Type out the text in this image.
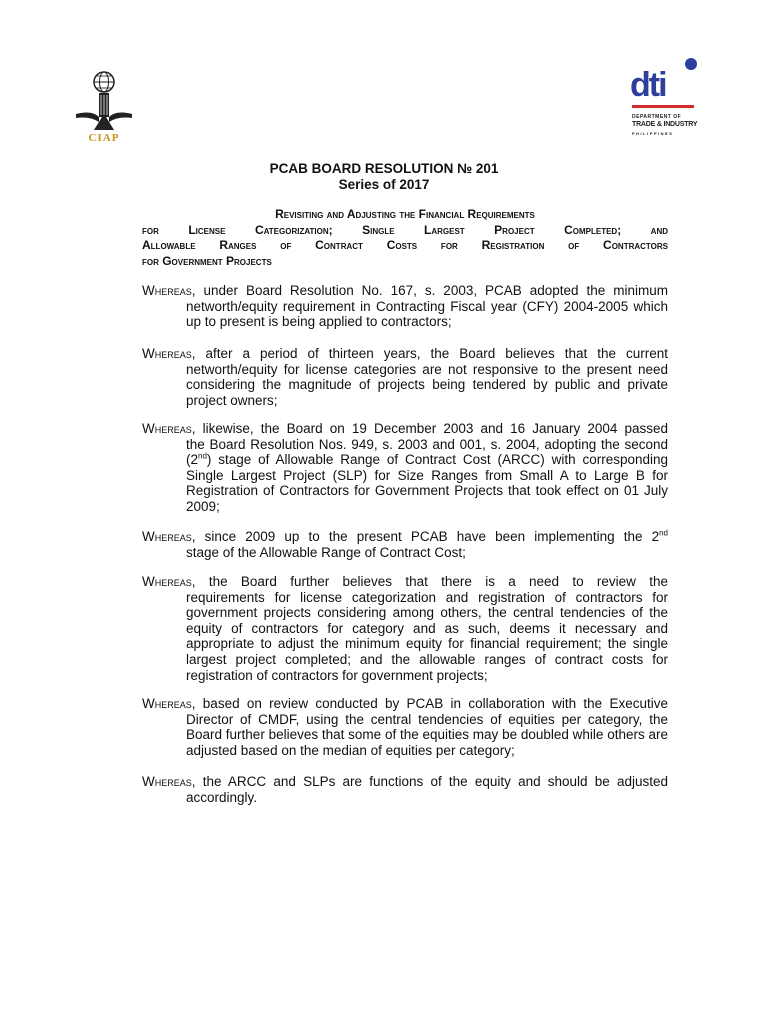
CIAP
dti
DEPARTMENT OF
TRADE & INDUSTRY
PHILIPPINES
PCAB BOARD RESOLUTION № 201
Series of 2017
Revisiting and Adjusting the Financial Requirements
for License Categorization; Single Largest Project Completed; and
Allowable Ranges of Contract Costs for Registration of Contractors
for Government Projects
Whereas, under Board Resolution No. 167, s. 2003, PCAB adopted the minimum
networth/equity requirement in Contracting Fiscal year (CFY) 2004-2005 which up to present is being applied to contractors;
Whereas, after a period of thirteen years, the Board believes that the current
networth/equity for license categories are not responsive to the present need considering the magnitude of projects being tendered by public and private project owners;
Whereas, likewise, the Board on 19 December 2003 and 16 January 2004 passed
the Board Resolution Nos. 949, s. 2003 and 001, s. 2004, adopting the second (2nd) stage of Allowable Range of Contract Cost (ARCC) with corresponding Single Largest Project (SLP) for Size Ranges from Small A to Large B for Registration of Contractors for Government Projects that took effect on 01 July 2009;
Whereas, since 2009 up to the present PCAB have been implementing the 2nd
stage of the Allowable Range of Contract Cost;
Whereas, the Board further believes that there is a need to review the
requirements for license categorization and registration of contractors for government projects considering among others, the central tendencies of the equity of contractors for category and as such, deems it necessary and appropriate to adjust the minimum equity for financial requirement; the single largest project completed; and the allowable ranges of contract costs for registration of contractors for government projects;
Whereas, based on review conducted by PCAB in collaboration with the Executive
Director of CMDF, using the central tendencies of equities per category, the Board further believes that some of the equities may be doubled while others are adjusted based on the median of equities per category;
Whereas, the ARCC and SLPs are functions of the equity and should be adjusted
accordingly.
